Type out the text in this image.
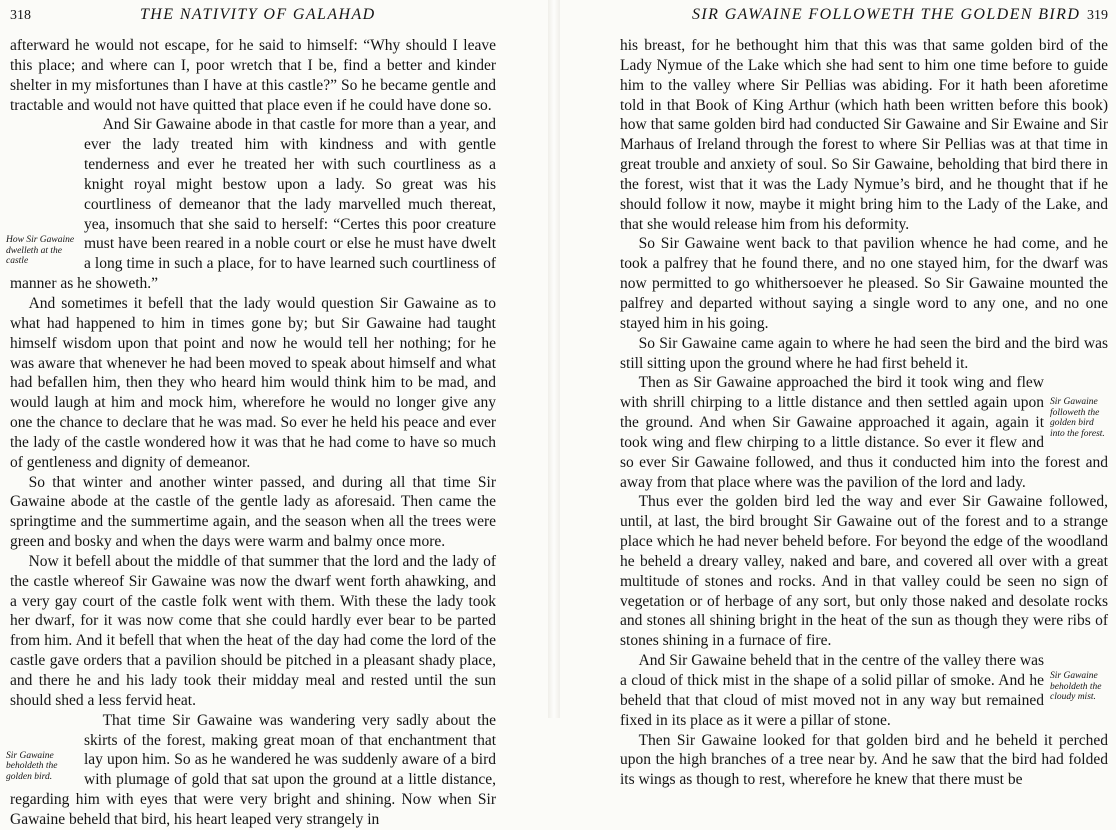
318	THE NATIVITY OF GALAHAD

afterward he would not escape, for he said to himself: “Why should I leave this place; and where can I, poor wretch that I be, find a better and kinder shelter in my misfortunes than I have at this castle?” So he became gentle and tractable and would not have quitted that place even if he could have done so.

How Sir Gawaine dwelleth at the castle

And Sir Gawaine abode in that castle for more than a year, and ever the lady treated him with kindness and with gentle tenderness and ever he treated her with such courtliness as a knight royal might bestow upon a lady. So great was his courtliness of demeanor that the lady marvelled much thereat, yea, insomuch that she said to herself: “Certes this poor creature must have been reared in a noble court or else he must have dwelt a long time in such a place, for to have learned such courtliness of manner as he showeth.”

And sometimes it befell that the lady would question Sir Gawaine as to what had happened to him in times gone by; but Sir Gawaine had taught himself wisdom upon that point and now he would tell her nothing; for he was aware that whenever he had been moved to speak about himself and what had befallen him, then they who heard him would think him to be mad, and would laugh at him and mock him, wherefore he would no longer give any one the chance to declare that he was mad. So ever he held his peace and ever the lady of the castle wondered how it was that he had come to have so much of gentleness and dignity of demeanor.

So that winter and another winter passed, and during all that time Sir Gawaine abode at the castle of the gentle lady as aforesaid. Then came the springtime and the summertime again, and the season when all the trees were green and bosky and when the days were warm and balmy once more.

Now it befell about the middle of that summer that the lord and the lady of the castle whereof Sir Gawaine was now the dwarf went forth ahawking, and a very gay court of the castle folk went with them. With these the lady took her dwarf, for it was now come that she could hardly ever bear to be parted from him. And it befell that when the heat of the day had come the lord of the castle gave orders that a pavilion should be pitched in a pleasant shady place, and there he and his lady took their midday meal and rested until the sun should shed a less fervid heat.

Sir Gawaine beholdeth the golden bird.

That time Sir Gawaine was wandering very sadly about the skirts of the forest, making great moan of that enchantment that lay upon him. So as he wandered he was suddenly aware of a bird with plumage of gold that sat upon the ground at a little distance, regarding him with eyes that were very bright and shining. Now when Sir Gawaine beheld that bird, his heart leaped very strangely in

SIR GAWAINE FOLLOWETH THE GOLDEN BIRD 319

his breast, for he bethought him that this was that same golden bird of the Lady Nymue of the Lake which she had sent to him one time before to guide him to the valley where Sir Pellias was abiding. For it hath been aforetime told in that Book of King Arthur (which hath been written before this book) how that same golden bird had conducted Sir Gawaine and Sir Ewaine and Sir Marhaus of Ireland through the forest to where Sir Pellias was at that time in great trouble and anxiety of soul. So Sir Gawaine, beholding that bird there in the forest, wist that it was the Lady Nymue’s bird, and he thought that if he should follow it now, maybe it might bring him to the Lady of the Lake, and that she would release him from his deformity.

So Sir Gawaine went back to that pavilion whence he had come, and he took a palfrey that he found there, and no one stayed him, for the dwarf was now permitted to go whithersoever he pleased. So Sir Gawaine mounted the palfrey and departed without saying a single word to any one, and no one stayed him in his going.

So Sir Gawaine came again to where he had seen the bird and the bird was still sitting upon the ground where he had first beheld it.

Sir Gawaine followeth the golden bird into the forest.

Then as Sir Gawaine approached the bird it took wing and flew with shrill chirping to a little distance and then settled again upon the ground. And when Sir Gawaine approached it again, again it took wing and flew chirping to a little distance. So ever it flew and so ever Sir Gawaine followed, and thus it conducted him into the forest and away from that place where was the pavilion of the lord and lady.

Thus ever the golden bird led the way and ever Sir Gawaine followed, until, at last, the bird brought Sir Gawaine out of the forest and to a strange place which he had never beheld before. For beyond the edge of the woodland he beheld a dreary valley, naked and bare, and covered all over with a great multitude of stones and rocks. And in that valley could be seen no sign of vegetation or of herbage of any sort, but only those naked and desolate rocks and stones all shining bright in the heat of the sun as though they were ribs of stones shining in a furnace of fire.

Sir Gawaine beholdeth the cloudy mist.

And Sir Gawaine beheld that in the centre of the valley there was a cloud of thick mist in the shape of a solid pillar of smoke. And he beheld that that cloud of mist moved not in any way but remained fixed in its place as it were a pillar of stone.

Then Sir Gawaine looked for that golden bird and he beheld it perched upon the high branches of a tree near by. And he saw that the bird had folded its wings as though to rest, wherefore he knew that there must be
